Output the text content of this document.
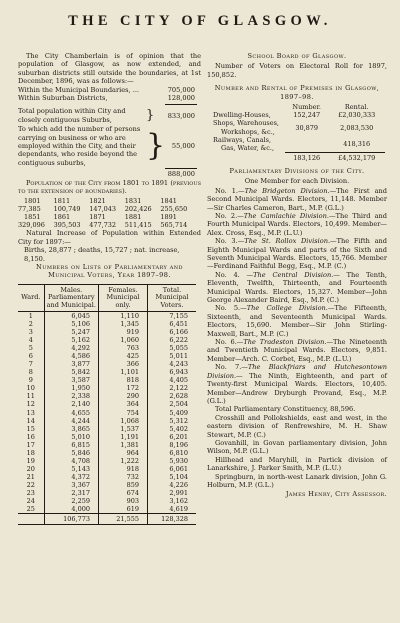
THE CITY OF GLASGOW.

The City Chamberlain is of opinion that the population of Glasgow, as now extended, and suburban districts still outside the boundaries, at 1st December, 1896, was as follows:—

Within the Municipal Boundaries, ...	705,000
Within Suburban Districts,	128,000
Total population within City and closely contiguous Suburbs,	}	833,000
To which add the number of persons carrying on business or who are employed within the City, and their dependants, who reside beyond the contiguous suburbs,	}	55,000
888,000

Population of the City from 1801 to 1891 (previous to the extension of boundaries).

1801	1811	1821	1831	1841
77,385	100,749	147,043	202,426	255,650
1851	1861	1871	1881	1891
329,096	395,503	477,732	511,415	565,714

Natural Increase of Population within Extended City for 1897:—

Births, 28,877 ; deaths, 15,727 ; nat. increase, 8,150.

Numbers on Lists of Parliamentary and Municipal Voters, Year 1897–98.

Ward.	Males. Parliamentary and Municipal.	Females. Municipal only.	Total. Municipal Voters.
1	6,045	1,110	7,155
2	5,106	1,345	6,451
3	5,247	919	6,166
4	5,162	1,060	6,222
5	4,292	763	5,055
6	4,586	425	5,011
7	3,877	366	4,243
8	5,842	1,101	6,943
9	3,587	818	4,405
10	1,950	172	2,122
11	2,338	290	2,628
12	2,140	364	2,504
13	4,655	754	5,409
14	4,244	1,068	5,312
15	3,865	1,537	5,402
16	5,010	1,191	6,201
17	6,815	1,381	8,196
18	5,846	964	6,810
19	4,708	1,222	5,930
20	5,143	918	6,061
21	4,372	732	5,104
22	3,367	859	4,226
23	2,317	674	2,991
24	2,259	903	3,162
25	4,000	619	4,619
	106,773	21,555	128,328

School Board of Glasgow.

Number of Voters on Electoral Roll for 1897, 150,852.

Number and Rental of Premises in Glasgow, 1897–98.

	Number.	Rental.
Dwelling-Houses,	152,247	£2,030,333
Shops, Warehouses,
Workshops, &c.,	30,879	2,083,530
Railways, Canals,
Gas, Water, &c.,		418,316
	183,126	£4,532,179

Parliamentary Divisions of the City.

One Member for each Division.

No. 1.—The Bridgeton Division.—The First and Second Municipal Wards. Electors, 11,148. Member—Sir Charles Cameron, Bart., M.P. (G.L.)

No. 2.—The Camlachie Division.—The Third and Fourth Municipal Wards. Electors, 10,499. Member—Alex. Cross, Esq., M.P. (L.U.)

No. 3.—The St. Rollox Division.—The Fifth and Eighth Municipal Wards and parts of the Sixth and Seventh Municipal Wards. Electors, 15,766. Member—Ferdinand Faithful Begg, Esq., M.P. (C.)

No. 4. —The Central Division.— The Tenth, Eleventh, Twelfth, Thirteenth, and Fourteenth Municipal Wards. Electors, 15,327. Member—John George Alexander Baird, Esq., M.P. (C.)

No. 5.—The College Division.—The Fifteenth, Sixteenth, and Seventeenth Municipal Wards. Electors, 15,690. Member—Sir John Stirling-Maxwell, Bart., M.P. (C.)

No. 6.—The Tradeston Division.—The Nineteenth and Twentieth Municipal Wards. Electors, 9,851. Member—Arch. C. Corbet, Esq., M.P. (L.U.)

No. 7.—The Blackfriars and Hutchesontown Division.— The Ninth, Eighteenth, and part of Twenty-first Municipal Wards. Electors, 10,405. Member—Andrew Dryburgh Provand, Esq., M.P. (G.L.)

Total Parliamentary Constituency, 88,596.

Crosshill and Pollokshields, east and west, in the eastern division of Renfrewshire, M. H. Shaw Stewart, M.P. (C.)

Govanhill, in Govan parliamentary division, John Wilson, M.P. (G.L.)

Hillhead and Maryhill, in Partick division of Lanarkshire, J. Parker Smith, M.P. (L.U.)

Springburn, in north-west Lanark division, John G. Holburn, M.P. (G.L.)

James Henry, City Assessor.
